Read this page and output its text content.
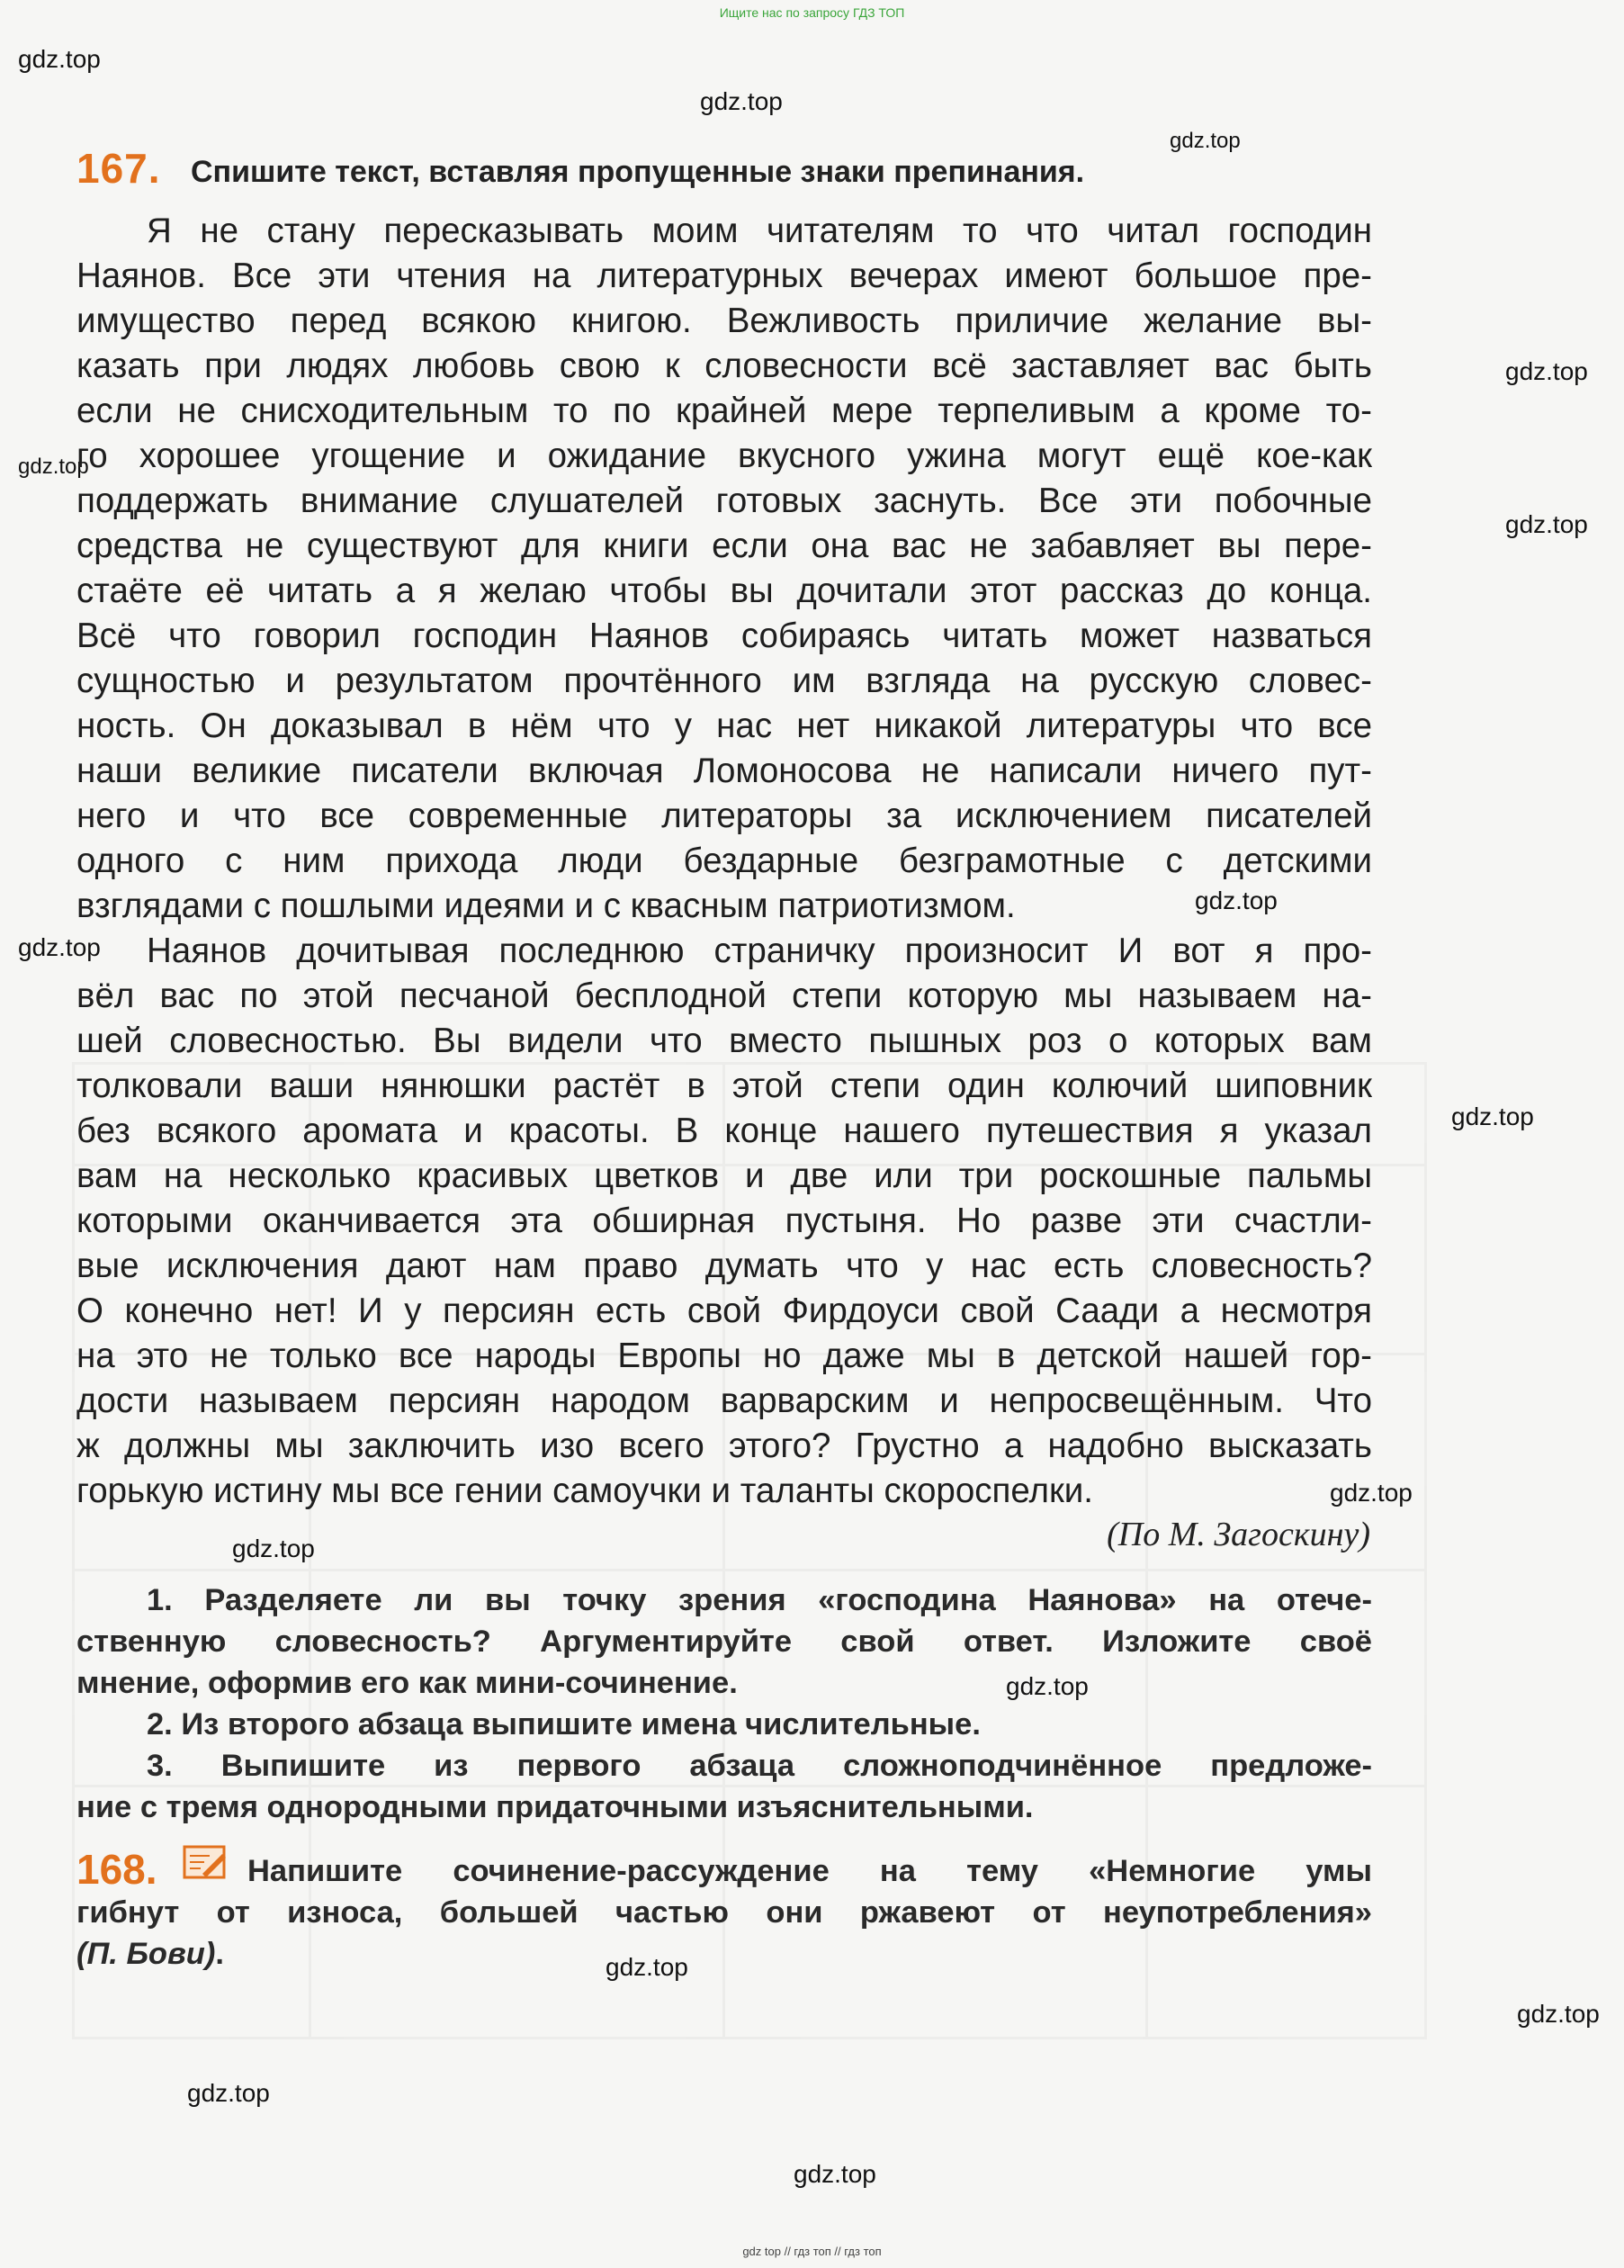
Ищите нас по запросу ГДЗ ТОП
gdz.top
gdz.top
gdz.top
gdz.top
gdz.top
gdz.top
gdz.top
gdz.top
gdz.top
gdz.top
gdz.top
gdz.top
gdz.top
gdz.top
gdz.top
gdz.top
167. Спишите текст, вставляя пропущенные знаки препинания.
Я не стану пересказывать моим читателям то что читал господин
Наянов. Все эти чтения на литературных вечерах имеют большое пре-
имущество перед всякою книгою. Вежливость приличие желание вы-
казать при людях любовь свою к словесности всё заставляет вас быть
если не снисходительным то по крайней мере терпеливым а кроме то-
го хорошее угощение и ожидание вкусного ужина могут ещё кое-как
поддержать внимание слушателей готовых заснуть. Все эти побочные
средства не существуют для книги если она вас не забавляет вы пере-
стаёте её читать а я желаю чтобы вы дочитали этот рассказ до конца.
Всё что говорил господин Наянов собираясь читать может назваться
сущностью и результатом прочтённого им взгляда на русскую словес-
ность. Он доказывал в нём что у нас нет никакой литературы что все
наши великие писатели включая Ломоносова не написали ничего пут-
него и что все современные литераторы за исключением писателей
одного с ним прихода люди бездарные безграмотные с детскими
взглядами с пошлыми идеями и с квасным патриотизмом.
Наянов дочитывая последнюю страничку произносит И вот я про-
вёл вас по этой песчаной бесплодной степи которую мы называем на-
шей словесностью. Вы видели что вместо пышных роз о которых вам
толковали ваши нянюшки растёт в этой степи один колючий шиповник
без всякого аромата и красоты. В конце нашего путешествия я указал
вам на несколько красивых цветков и две или три роскошные пальмы
которыми оканчивается эта обширная пустыня. Но разве эти счастли-
вые исключения дают нам право думать что у нас есть словесность?
О конечно нет! И у персиян есть свой Фирдоуси свой Саади а несмотря
на это не только все народы Европы но даже мы в детской нашей гор-
дости называем персиян народом варварским и непросвещённым. Что
ж должны мы заключить изо всего этого? Грустно а надобно высказать
горькую истину мы все гении самоучки и таланты скороспелки.
(По М. Загоскину)
1. Разделяете ли вы точку зрения «господина Наянова» на отече-
ственную словесность? Аргументируйте свой ответ. Изложите своё
мнение, оформив его как мини-сочинение.
2. Из второго абзаца выпишите имена числительные.
3. Выпишите из первого абзаца сложноподчинённое предложе-
ние с тремя однородными придаточными изъяснительными.
168.	Напишите сочинение-рассуждение на тему «Немногие умы
гибнут от износа, большей частью они ржавеют от неупотребления»
(П. Бови).
gdz top // гдз топ // гдз топ
